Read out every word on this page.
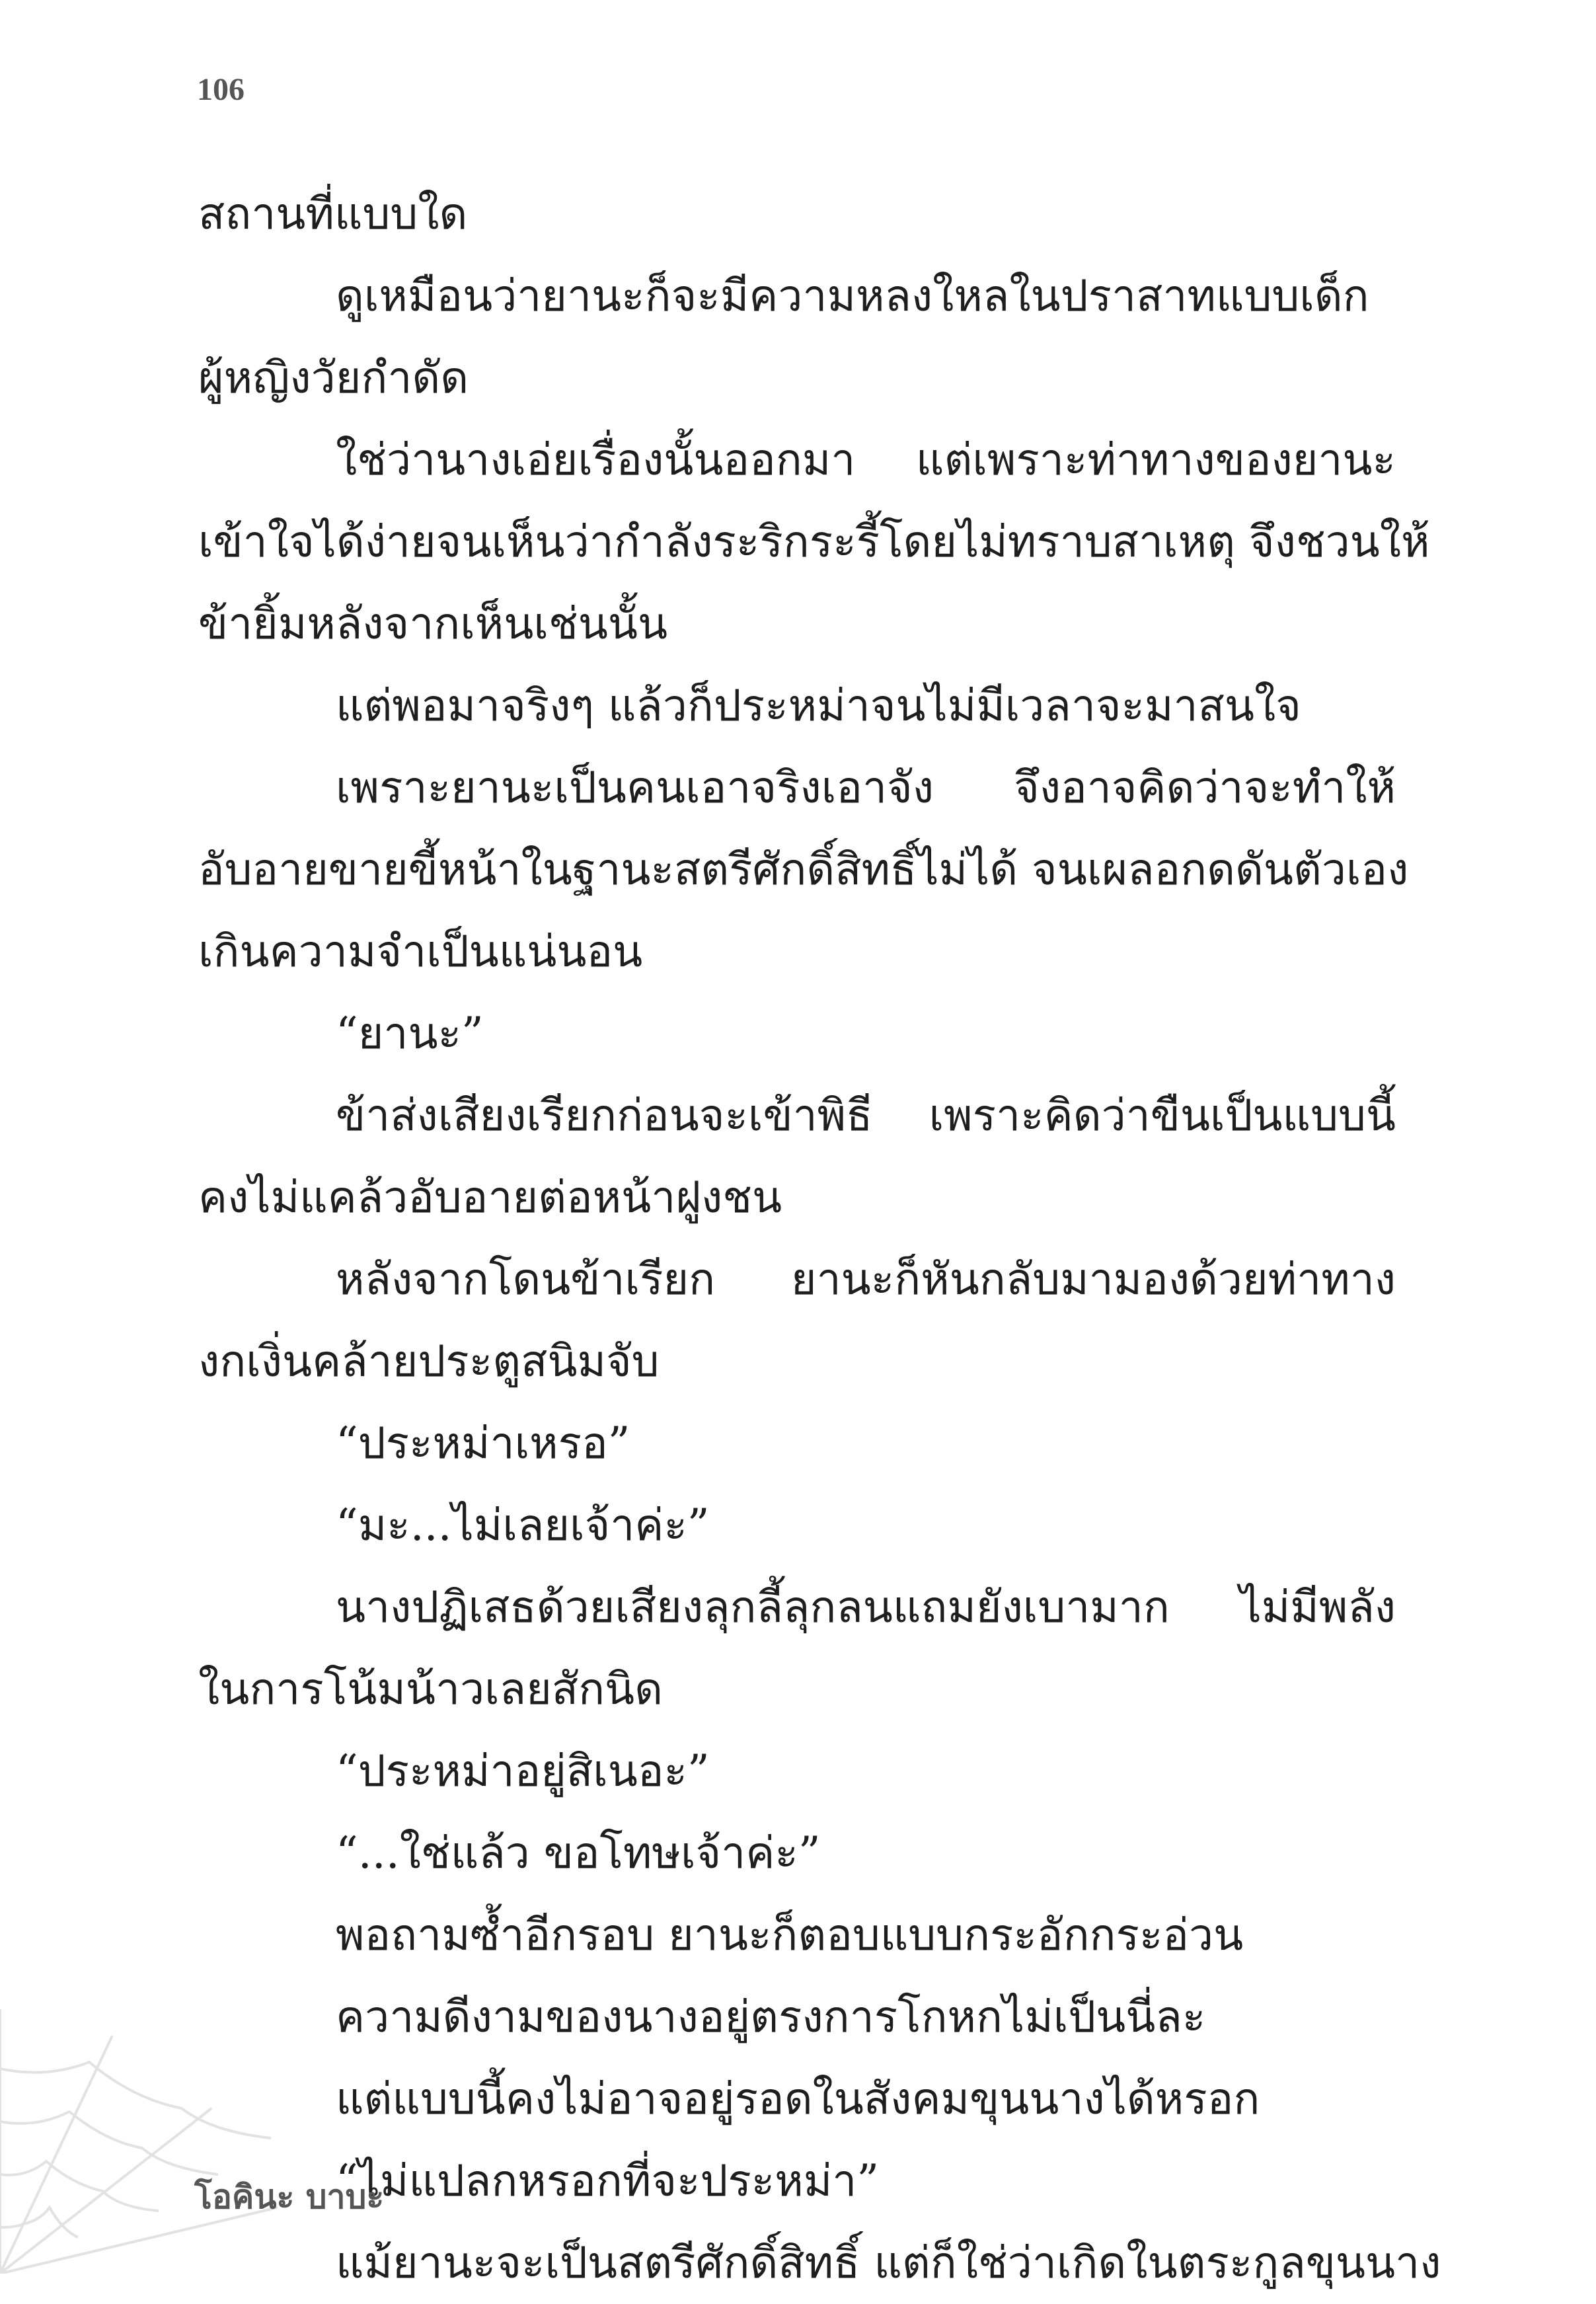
106
สถานที่แบบใด
ดูเหมือนว่ายานะก็จะมีความหลงใหลในปราสาทแบบเด็ก
ผู้หญิงวัยกำดัด
ใช่ว่านางเอ่ยเรื่องนั้นออกมา แต่เพราะท่าทางของยานะ
เข้าใจได้ง่ายจนเห็นว่ากำลังระริกระรี้โดยไม่ทราบสาเหตุ จึงชวนให้
ข้ายิ้มหลังจากเห็นเช่นนั้น
แต่พอมาจริงๆ แล้วก็ประหม่าจนไม่มีเวลาจะมาสนใจ
เพราะยานะเป็นคนเอาจริงเอาจัง จึงอาจคิดว่าจะทำให้
อับอายขายขี้หน้าในฐานะสตรีศักดิ์สิทธิ์ไม่ได้ จนเผลอกดดันตัวเอง
เกินความจำเป็นแน่นอน
“ยานะ”
ข้าส่งเสียงเรียกก่อนจะเข้าพิธี เพราะคิดว่าขืนเป็นแบบนี้
คงไม่แคล้วอับอายต่อหน้าฝูงชน
หลังจากโดนข้าเรียก ยานะก็หันกลับมามองด้วยท่าทาง
งกเงิ่นคล้ายประตูสนิมจับ
“ประหม่าเหรอ”
“มะ...ไม่เลยเจ้าค่ะ”
นางปฏิเสธด้วยเสียงลุกลี้ลุกลนแถมยังเบามาก ไม่มีพลัง
ในการโน้มน้าวเลยสักนิด
“ประหม่าอยู่สิเนอะ”
“...ใช่แล้ว ขอโทษเจ้าค่ะ”
พอถามซ้ำอีกรอบ ยานะก็ตอบแบบกระอักกระอ่วน
ความดีงามของนางอยู่ตรงการโกหกไม่เป็นนี่ละ
แต่แบบนี้คงไม่อาจอยู่รอดในสังคมขุนนางได้หรอก
“ไม่แปลกหรอกที่จะประหม่า”
แม้ยานะจะเป็นสตรีศักดิ์สิทธิ์ แต่ก็ใช่ว่าเกิดในตระกูลขุนนาง
โอคินะ บาบะ
